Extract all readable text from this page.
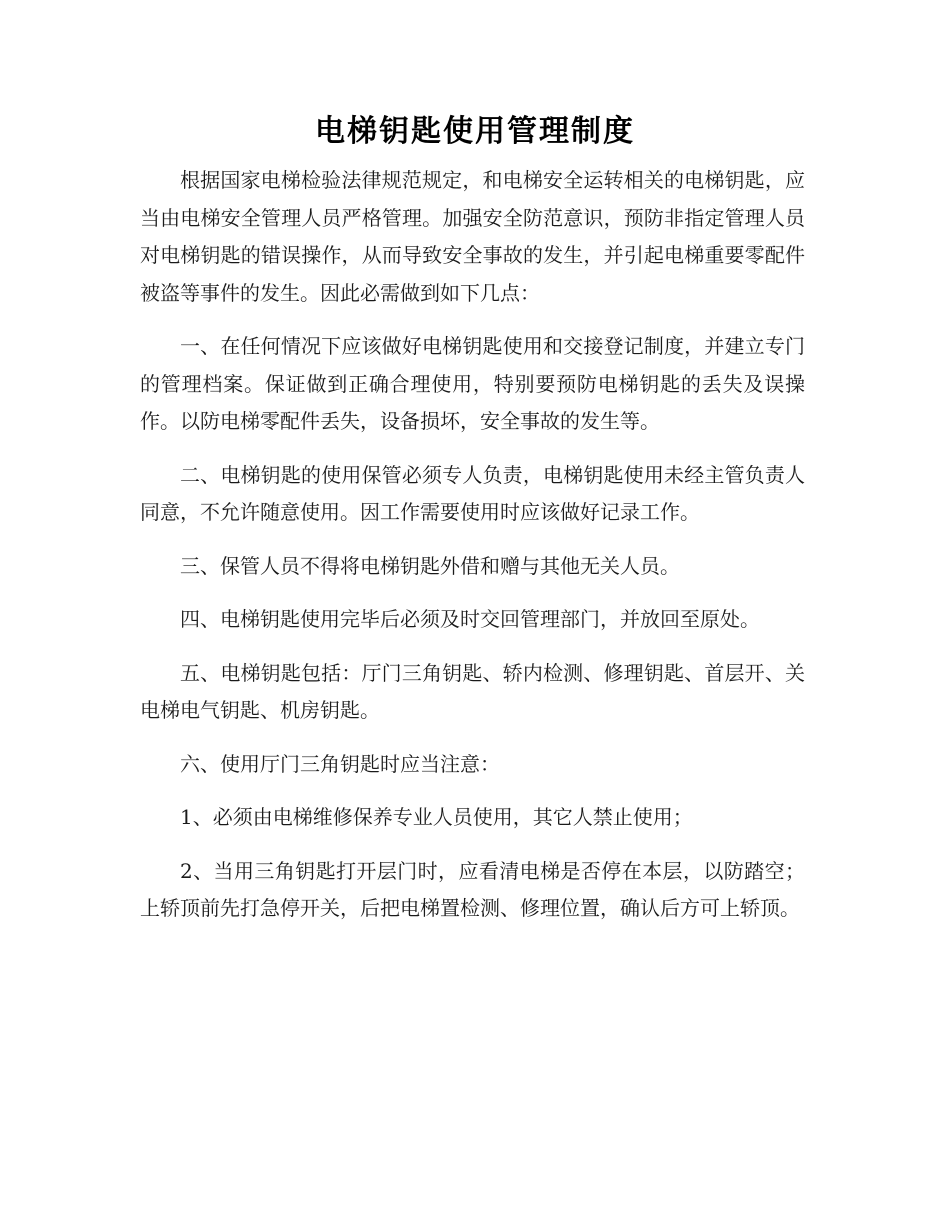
电梯钥匙使用管理制度

根据国家电梯检验法律规范规定，和电梯安全运转相关的电梯钥匙，应当由电梯安全管理人员严格管理。加强安全防范意识，预防非指定管理人员对电梯钥匙的错误操作，从而导致安全事故的发生，并引起电梯重要零配件被盗等事件的发生。因此必需做到如下几点：

一、在任何情况下应该做好电梯钥匙使用和交接登记制度，并建立专门的管理档案。保证做到正确合理使用，特别要预防电梯钥匙的丢失及误操作。以防电梯零配件丢失，设备损坏，安全事故的发生等。

二、电梯钥匙的使用保管必须专人负责，电梯钥匙使用未经主管负责人同意，不允许随意使用。因工作需要使用时应该做好记录工作。

三、保管人员不得将电梯钥匙外借和赠与其他无关人员。

四、电梯钥匙使用完毕后必须及时交回管理部门，并放回至原处。

五、电梯钥匙包括：厅门三角钥匙、轿内检测、修理钥匙、首层开、关电梯电气钥匙、机房钥匙。

六、使用厅门三角钥匙时应当注意：

1、必须由电梯维修保养专业人员使用，其它人禁止使用；

2、当用三角钥匙打开层门时，应看清电梯是否停在本层，以防踏空；上轿顶前先打急停开关，后把电梯置检测、修理位置，确认后方可上轿顶。
